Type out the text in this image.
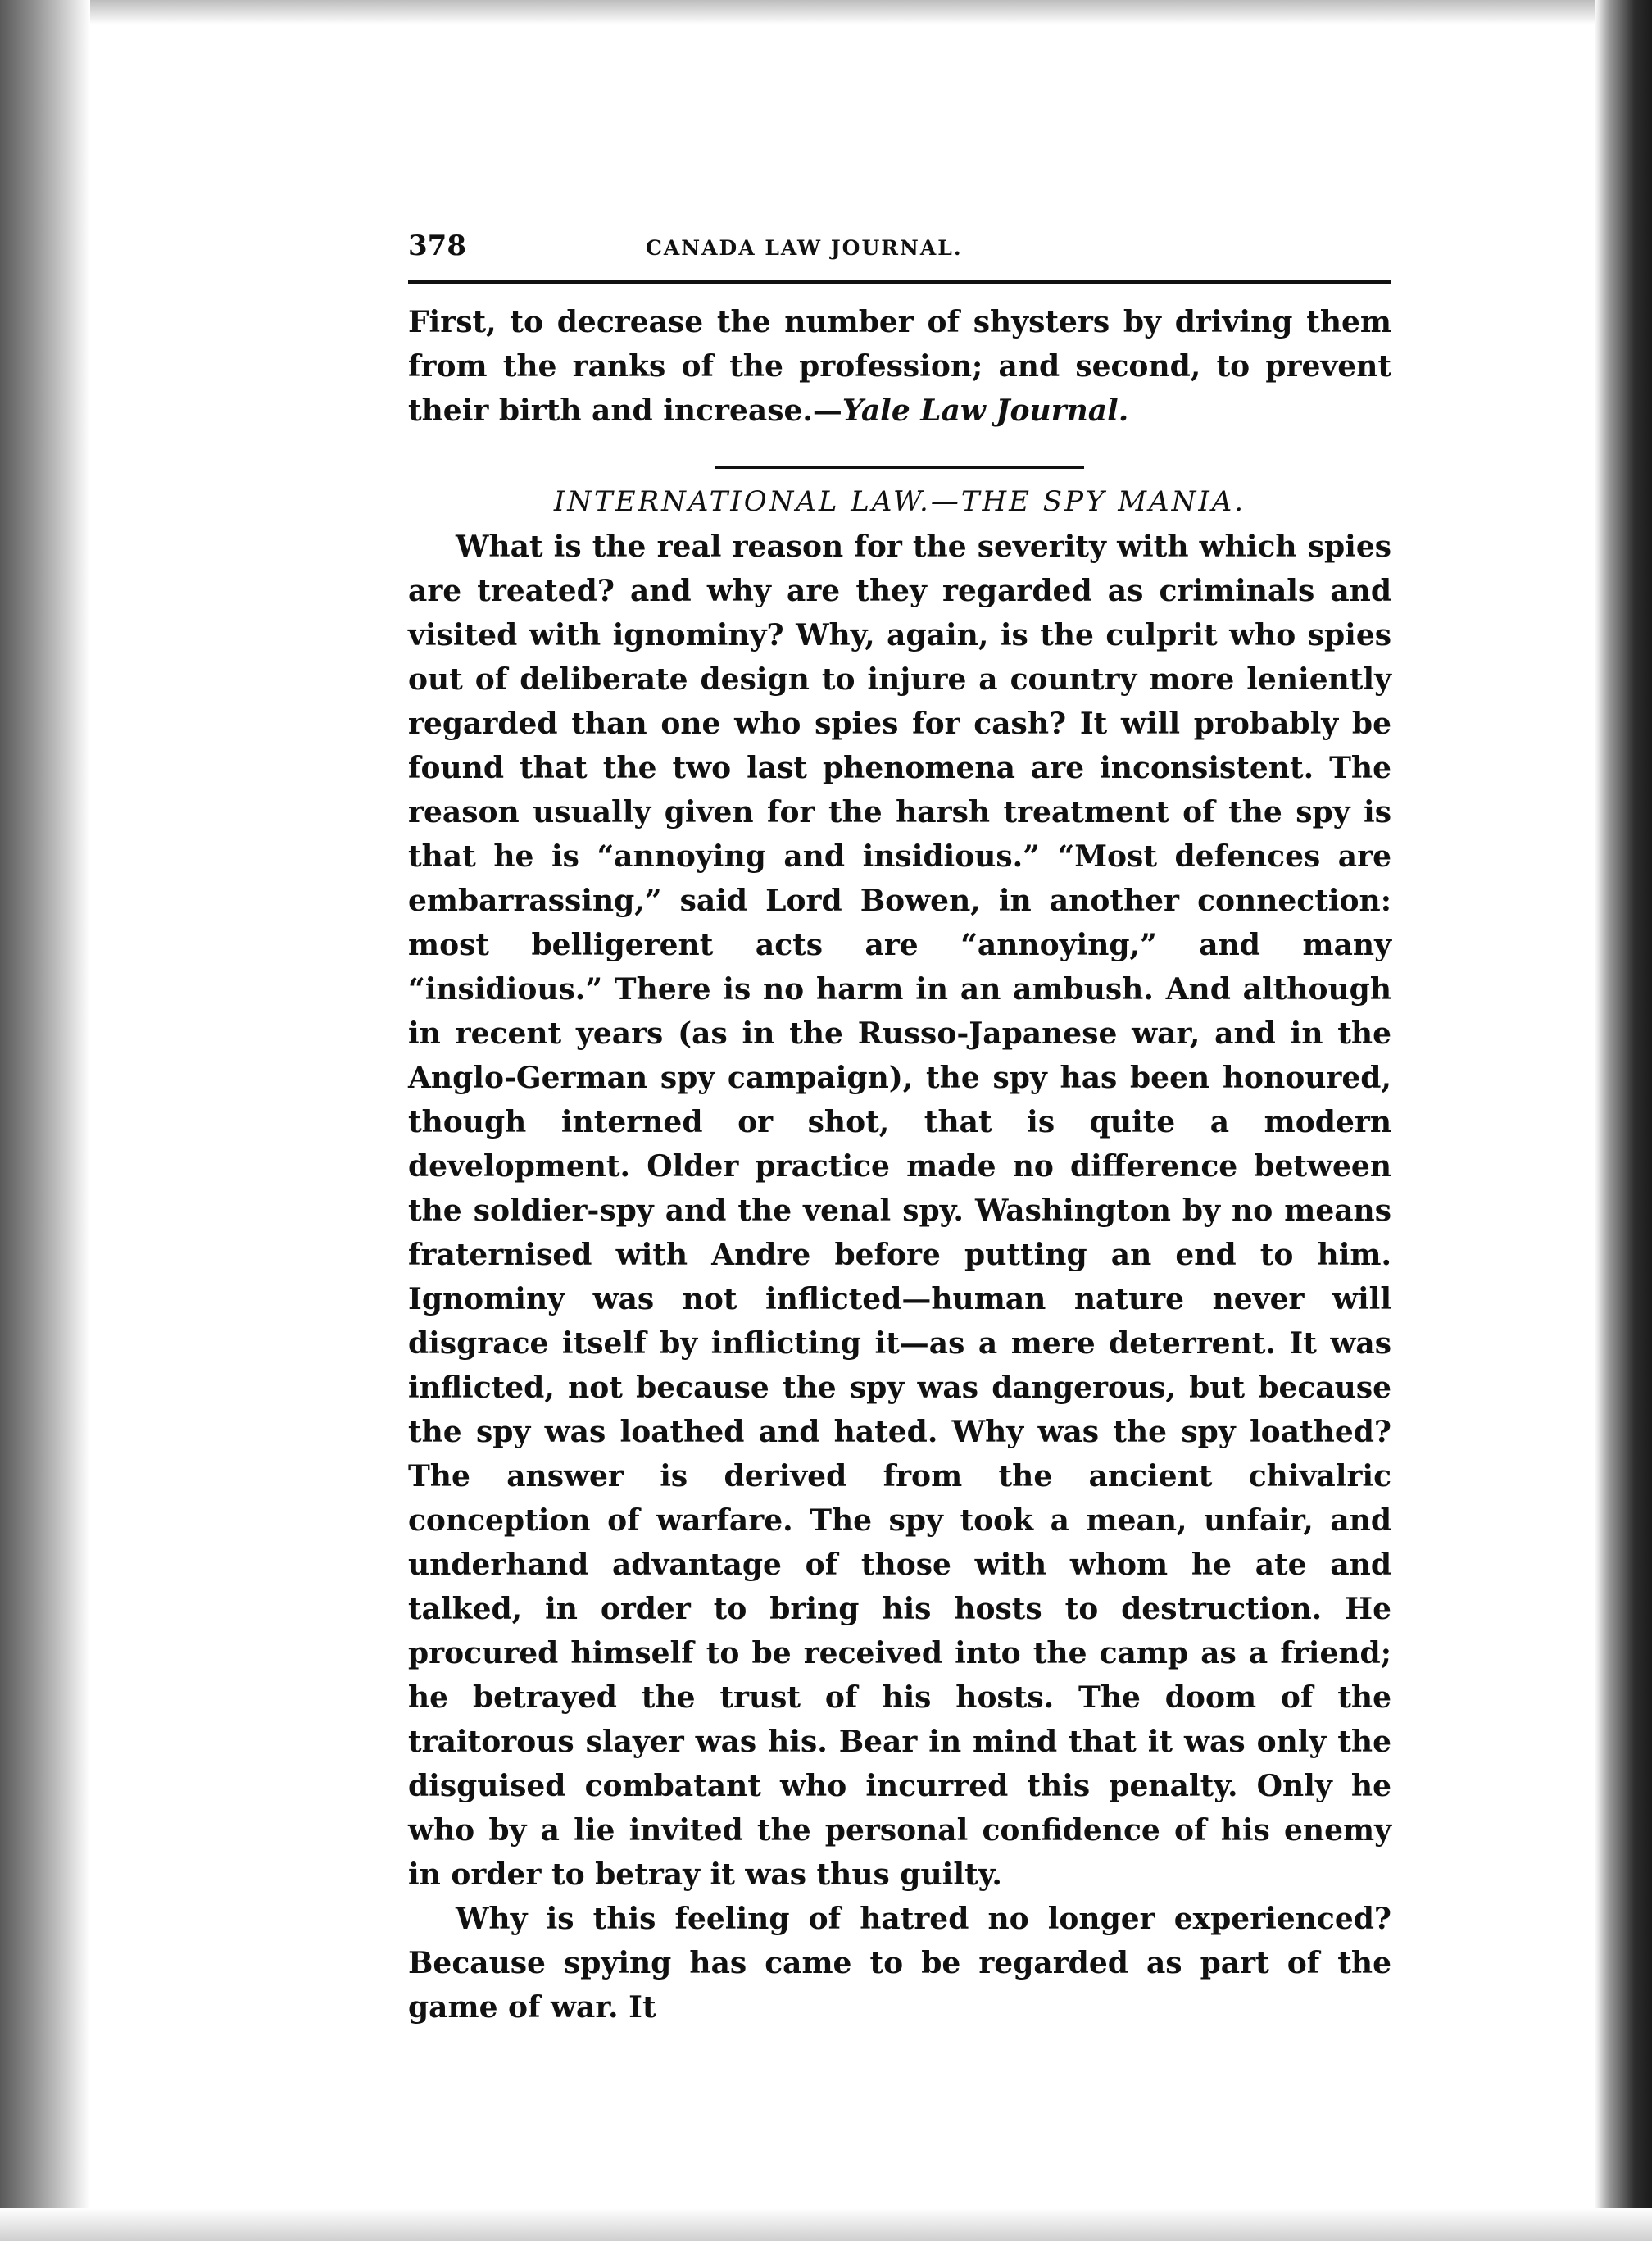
378	CANADA LAW JOURNAL.

First, to decrease the number of shysters by driving them from the ranks of the profession; and second, to prevent their birth and increase.—Yale Law Journal.

INTERNATIONAL LAW.—THE SPY MANIA.

What is the real reason for the severity with which spies are treated? and why are they regarded as criminals and visited with ignominy? Why, again, is the culprit who spies out of deliberate design to injure a country more leniently regarded than one who spies for cash? It will probably be found that the two last phenomena are inconsistent. The reason usually given for the harsh treatment of the spy is that he is “annoying and insidious.” “Most defences are embarrassing,” said Lord Bowen, in another connection: most belligerent acts are “annoying,” and many “insidious.” There is no harm in an ambush. And although in recent years (as in the Russo-Japanese war, and in the Anglo-German spy campaign), the spy has been honoured, though interned or shot, that is quite a modern development. Older practice made no difference between the soldier-spy and the venal spy. Washington by no means fraternised with Andre before putting an end to him. Ignominy was not inflicted—human nature never will disgrace itself by inflicting it—as a mere deterrent. It was inflicted, not because the spy was dangerous, but because the spy was loathed and hated. Why was the spy loathed? The answer is derived from the ancient chivalric conception of warfare. The spy took a mean, unfair, and underhand advantage of those with whom he ate and talked, in order to bring his hosts to destruction. He procured himself to be received into the camp as a friend; he betrayed the trust of his hosts. The doom of the traitorous slayer was his. Bear in mind that it was only the disguised combatant who incurred this penalty. Only he who by a lie invited the personal confidence of his enemy in order to betray it was thus guilty.

Why is this feeling of hatred no longer experienced? Because spying has came to be regarded as part of the game of war. It
